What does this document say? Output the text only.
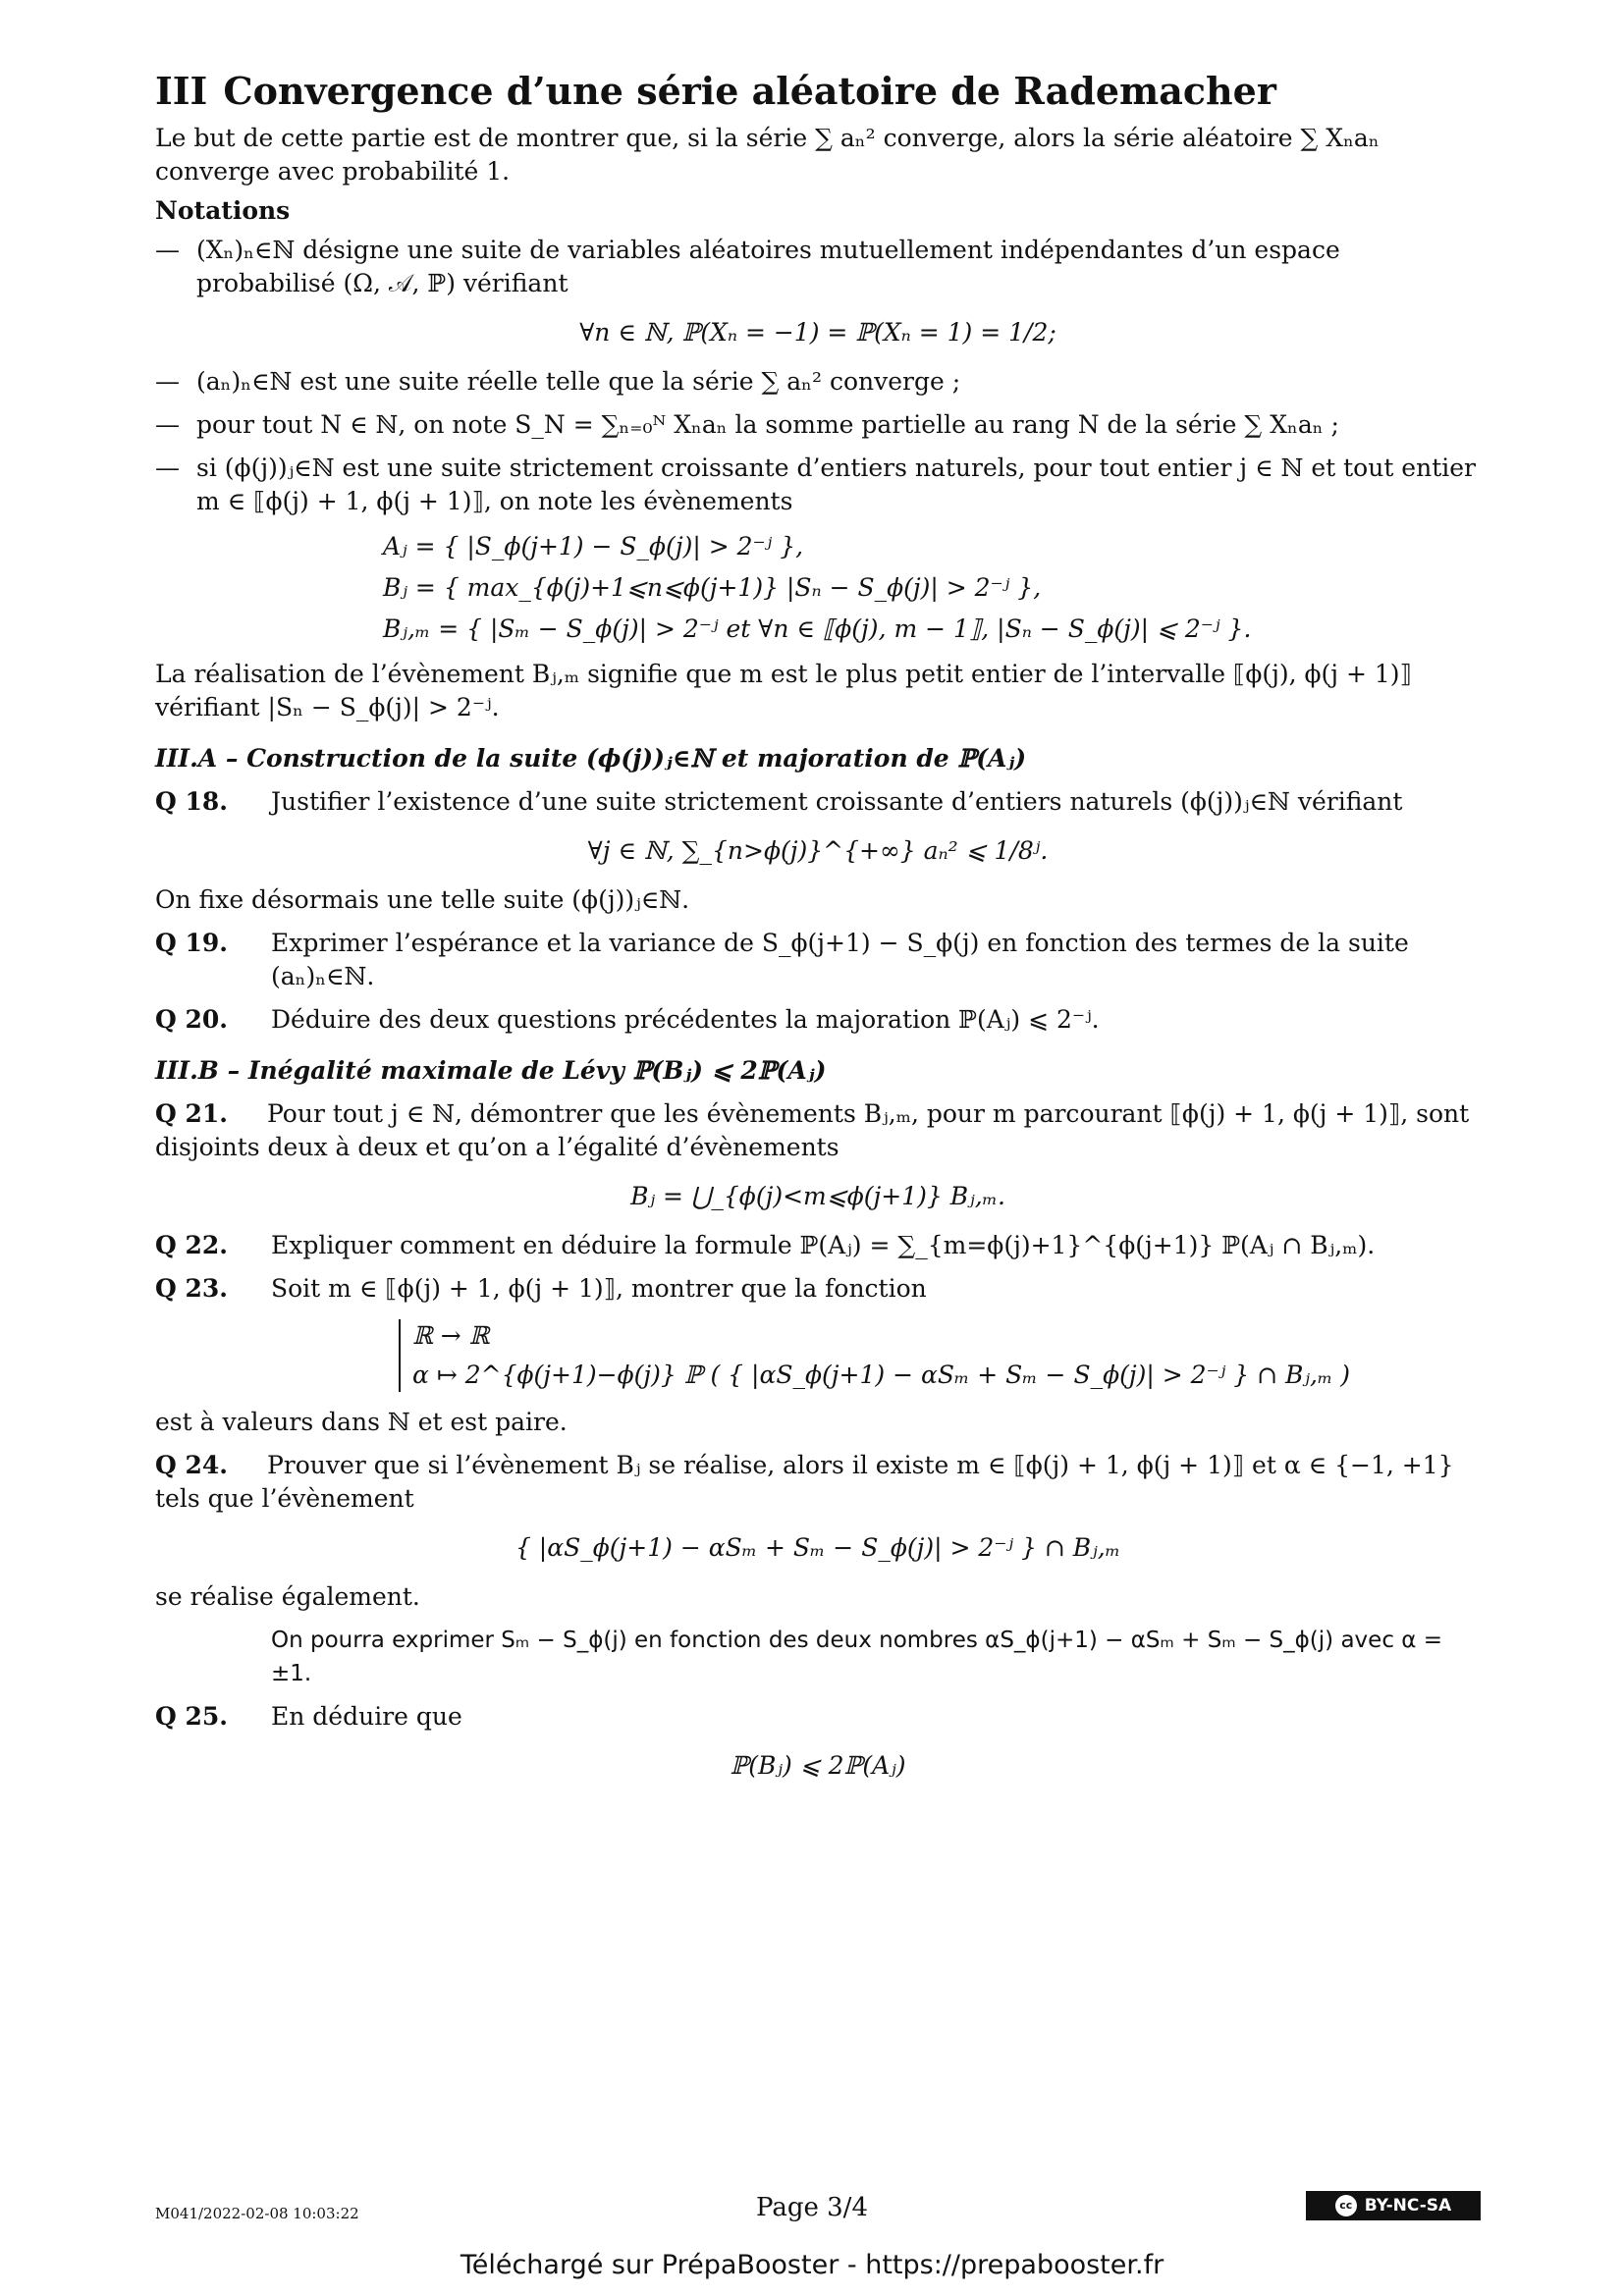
III Convergence d’une série aléatoire de Rademacher

Le but de cette partie est de montrer que, si la série ∑ aₙ² converge, alors la série aléatoire ∑ Xₙaₙ converge avec probabilité 1.

Notations

— (Xₙ)ₙ∈ℕ désigne une suite de variables aléatoires mutuellement indépendantes d’un espace probabilisé (Ω, 𝒜, ℙ) vérifiant
∀n ∈ ℕ, ℙ(Xₙ = −1) = ℙ(Xₙ = 1) = 1/2;
— (aₙ)ₙ∈ℕ est une suite réelle telle que la série ∑ aₙ² converge ;
— pour tout N ∈ ℕ, on note S_N = ∑ₙ₌₀ᴺ Xₙaₙ la somme partielle au rang N de la série ∑ Xₙaₙ ;
— si (ϕ(j))ⱼ∈ℕ est une suite strictement croissante d’entiers naturels, pour tout entier j ∈ ℕ et tout entier m ∈ ⟦ϕ(j) + 1, ϕ(j + 1)⟧, on note les évènements
Aⱼ = { |S_ϕ(j+1) − S_ϕ(j)| > 2⁻ʲ },
Bⱼ = { max_{ϕ(j)+1⩽n⩽ϕ(j+1)} |Sₙ − S_ϕ(j)| > 2⁻ʲ },
Bⱼ,ₘ = { |Sₘ − S_ϕ(j)| > 2⁻ʲ et ∀n ∈ ⟦ϕ(j), m − 1⟧, |Sₙ − S_ϕ(j)| ⩽ 2⁻ʲ }.

La réalisation de l’évènement Bⱼ,ₘ signifie que m est le plus petit entier de l’intervalle ⟦ϕ(j), ϕ(j + 1)⟧ vérifiant |Sₙ − S_ϕ(j)| > 2⁻ʲ.

III.A – Construction de la suite (ϕ(j))ⱼ∈ℕ et majoration de ℙ(Aⱼ)
Q 18. Justifier l’existence d’une suite strictement croissante d’entiers naturels (ϕ(j))ⱼ∈ℕ vérifiant
∀j ∈ ℕ, ∑_{n>ϕ(j)}^{+∞} aₙ² ⩽ 1/8ʲ.

On fixe désormais une telle suite (ϕ(j))ⱼ∈ℕ.

Q 19. Exprimer l’espérance et la variance de S_ϕ(j+1) − S_ϕ(j) en fonction des termes de la suite (aₙ)ₙ∈ℕ.
Q 20. Déduire des deux questions précédentes la majoration ℙ(Aⱼ) ⩽ 2⁻ʲ.
III.B – Inégalité maximale de Lévy ℙ(Bⱼ) ⩽ 2ℙ(Aⱼ)
Q 21. Pour tout j ∈ ℕ, démontrer que les évènements Bⱼ,ₘ, pour m parcourant ⟦ϕ(j) + 1, ϕ(j + 1)⟧, sont disjoints deux à deux et qu’on a l’égalité d’évènements
Bⱼ = ⋃_{ϕ(j)<m⩽ϕ(j+1)} Bⱼ,ₘ.
Q 22. Expliquer comment en déduire la formule ℙ(Aⱼ) = ∑_{m=ϕ(j)+1}^{ϕ(j+1)} ℙ(Aⱼ ∩ Bⱼ,ₘ).
Q 23. Soit m ∈ ⟦ϕ(j) + 1, ϕ(j + 1)⟧, montrer que la fonction
ℝ → ℝ
α ↦ 2^{ϕ(j+1)−ϕ(j)} ℙ ( { |αS_ϕ(j+1) − αSₘ + Sₘ − S_ϕ(j)| > 2⁻ʲ } ∩ Bⱼ,ₘ )

est à valeurs dans ℕ et est paire.

Q 24. Prouver que si l’évènement Bⱼ se réalise, alors il existe m ∈ ⟦ϕ(j) + 1, ϕ(j + 1)⟧ et α ∈ {−1, +1} tels que l’évènement
{ |αS_ϕ(j+1) − αSₘ + Sₘ − S_ϕ(j)| > 2⁻ʲ } ∩ Bⱼ,ₘ

se réalise également.

On pourra exprimer Sₘ − S_ϕ(j) en fonction des deux nombres αS_ϕ(j+1) − αSₘ + Sₘ − S_ϕ(j) avec α = ±1.
Q 25. En déduire que
ℙ(Bⱼ) ⩽ 2ℙ(Aⱼ)
M041/2022-02-08 10:03:22	Page 3/4	cc BY-NC-SA
Téléchargé sur PrépaBooster - https://prepabooster.fr
